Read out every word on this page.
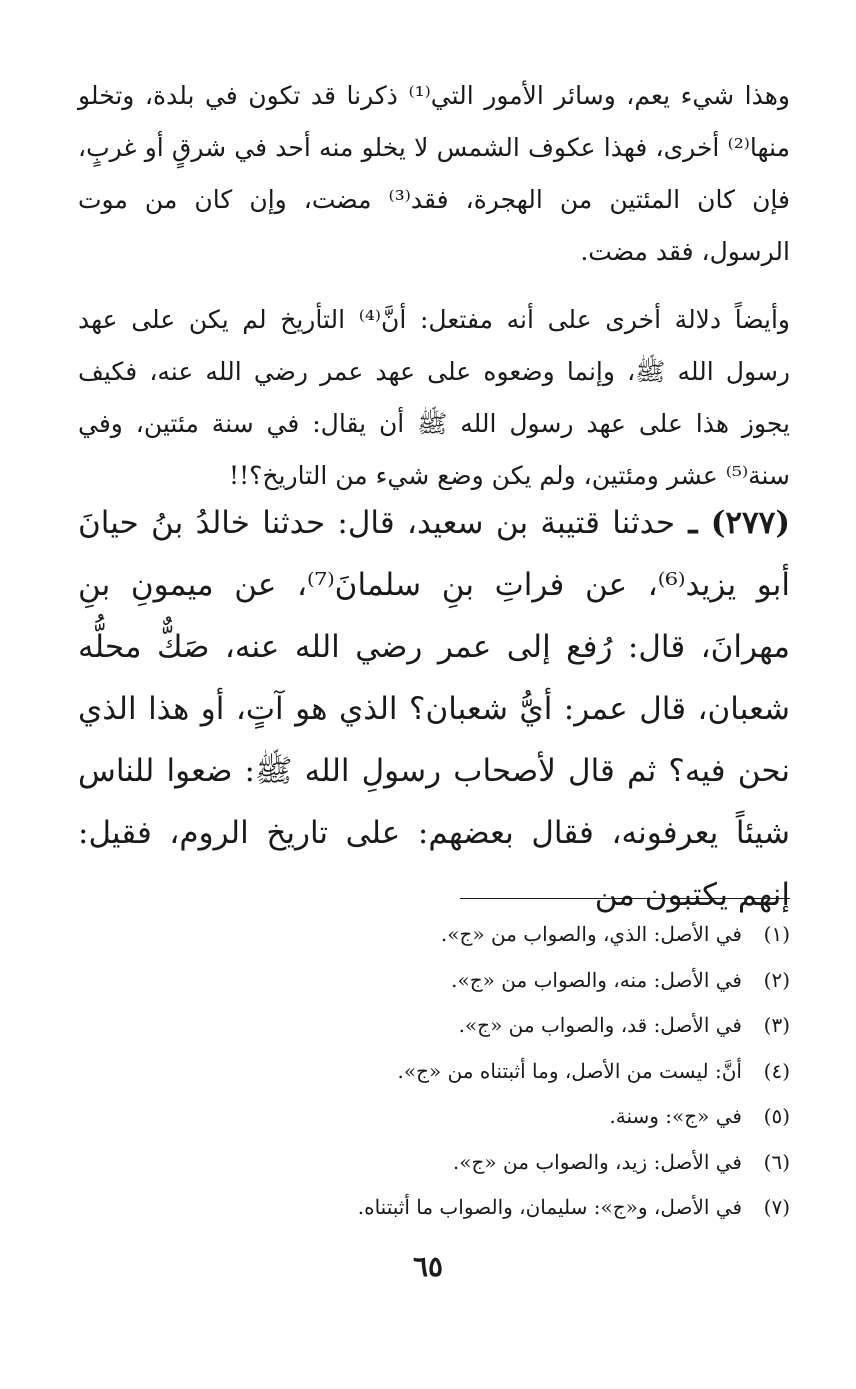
وهذا شيء يعم، وسائر الأمور التي⁽¹⁾ ذكرنا قد تكون في بلدة، وتخلو منها⁽²⁾ أخرى، فهذا عكوف الشمس لا يخلو منه أحد في شرقٍ أو غربٍ، فإن كان المئتين من الهجرة، فقد⁽³⁾ مضت، وإن كان من موت الرسول، فقد مضت.

وأيضاً دلالة أخرى على أنه مفتعل: أنَّ⁽⁴⁾ التأريخ لم يكن على عهد رسول الله ﷺ، وإنما وضعوه على عهد عمر رضي الله عنه، فكيف يجوز هذا على عهد رسول الله ﷺ أن يقال: في سنة مئتين، وفي سنة⁽⁵⁾ عشر ومئتين، ولم يكن وضع شيء من التاريخ؟!!

(٢٧٧) ـ حدثنا قتيبة بن سعيد، قال: حدثنا خالدُ بنُ حيانَ أبو يزيد⁽⁶⁾، عن فراتِ بنِ سلمانَ⁽⁷⁾، عن ميمونِ بنِ مهرانَ، قال: رُفع إلى عمر رضي الله عنه، صَكٌّ محلُّه شعبان، قال عمر: أيُّ شعبان؟ الذي هو آتٍ، أو هذا الذي نحن فيه؟ ثم قال لأصحاب رسولِ الله ﷺ: ضعوا للناس شيئاً يعرفونه، فقال بعضهم: على تاريخ الروم، فقيل: إنهم يكتبون من

(١)
في الأصل: الذي، والصواب من «ج».
(٢)
في الأصل: منه، والصواب من «ج».
(٣)
في الأصل: قد، والصواب من «ج».
(٤)
أنَّ: ليست من الأصل، وما أثبتناه من «ج».
(٥)
في «ج»: وسنة.
(٦)
في الأصل: زيد، والصواب من «ج».
(٧)
في الأصل، و«ج»: سليمان، والصواب ما أثبتناه.
٦٥
